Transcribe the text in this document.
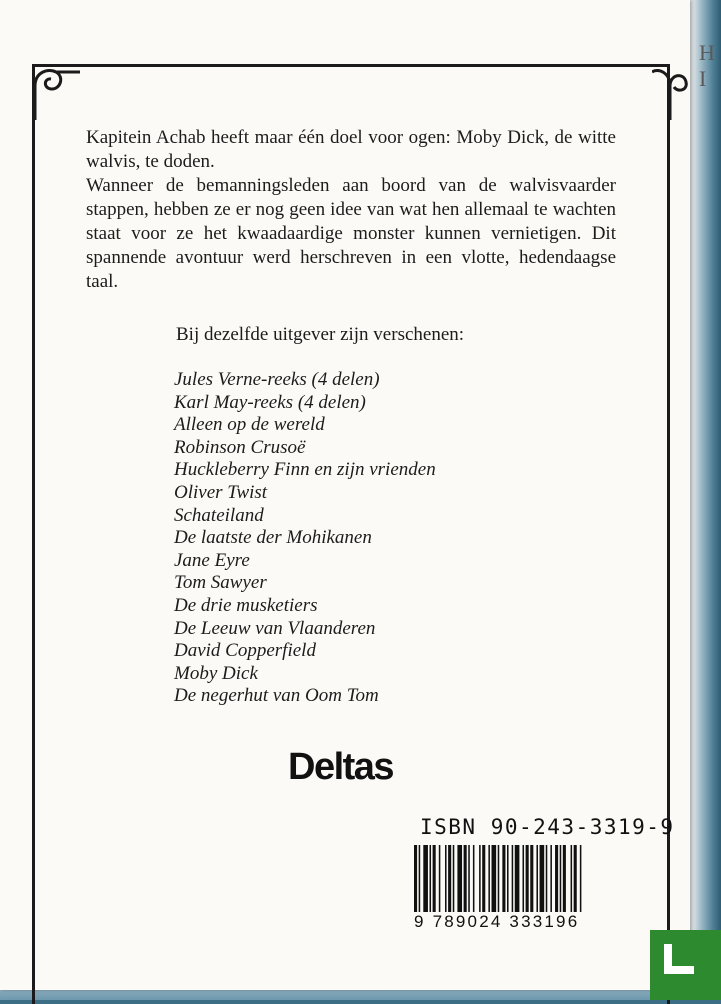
H
I

Kapitein Achab heeft maar één doel voor ogen: Moby Dick, de witte walvis, te doden.

Wanneer de bemanningsleden aan boord van de walvisvaarder stappen, hebben ze er nog geen idee van wat hen allemaal te wachten staat voor ze het kwaadaardige monster kunnen vernietigen. Dit spannende avontuur werd herschreven in een vlotte, hedendaagse taal.

Bij dezelfde uitgever zijn verschenen:

Jules Verne-reeks (4 delen)
Karl May-reeks (4 delen)
Alleen op de wereld
Robinson Crusoë
Huckleberry Finn en zijn vrienden
Oliver Twist
Schateiland
De laatste der Mohikanen
Jane Eyre
Tom Sawyer
De drie musketiers
De Leeuw van Vlaanderen
David Copperfield
Moby Dick
De negerhut van Oom Tom
Deltas
ISBN 90-243-3319-9
9 789024 333196
